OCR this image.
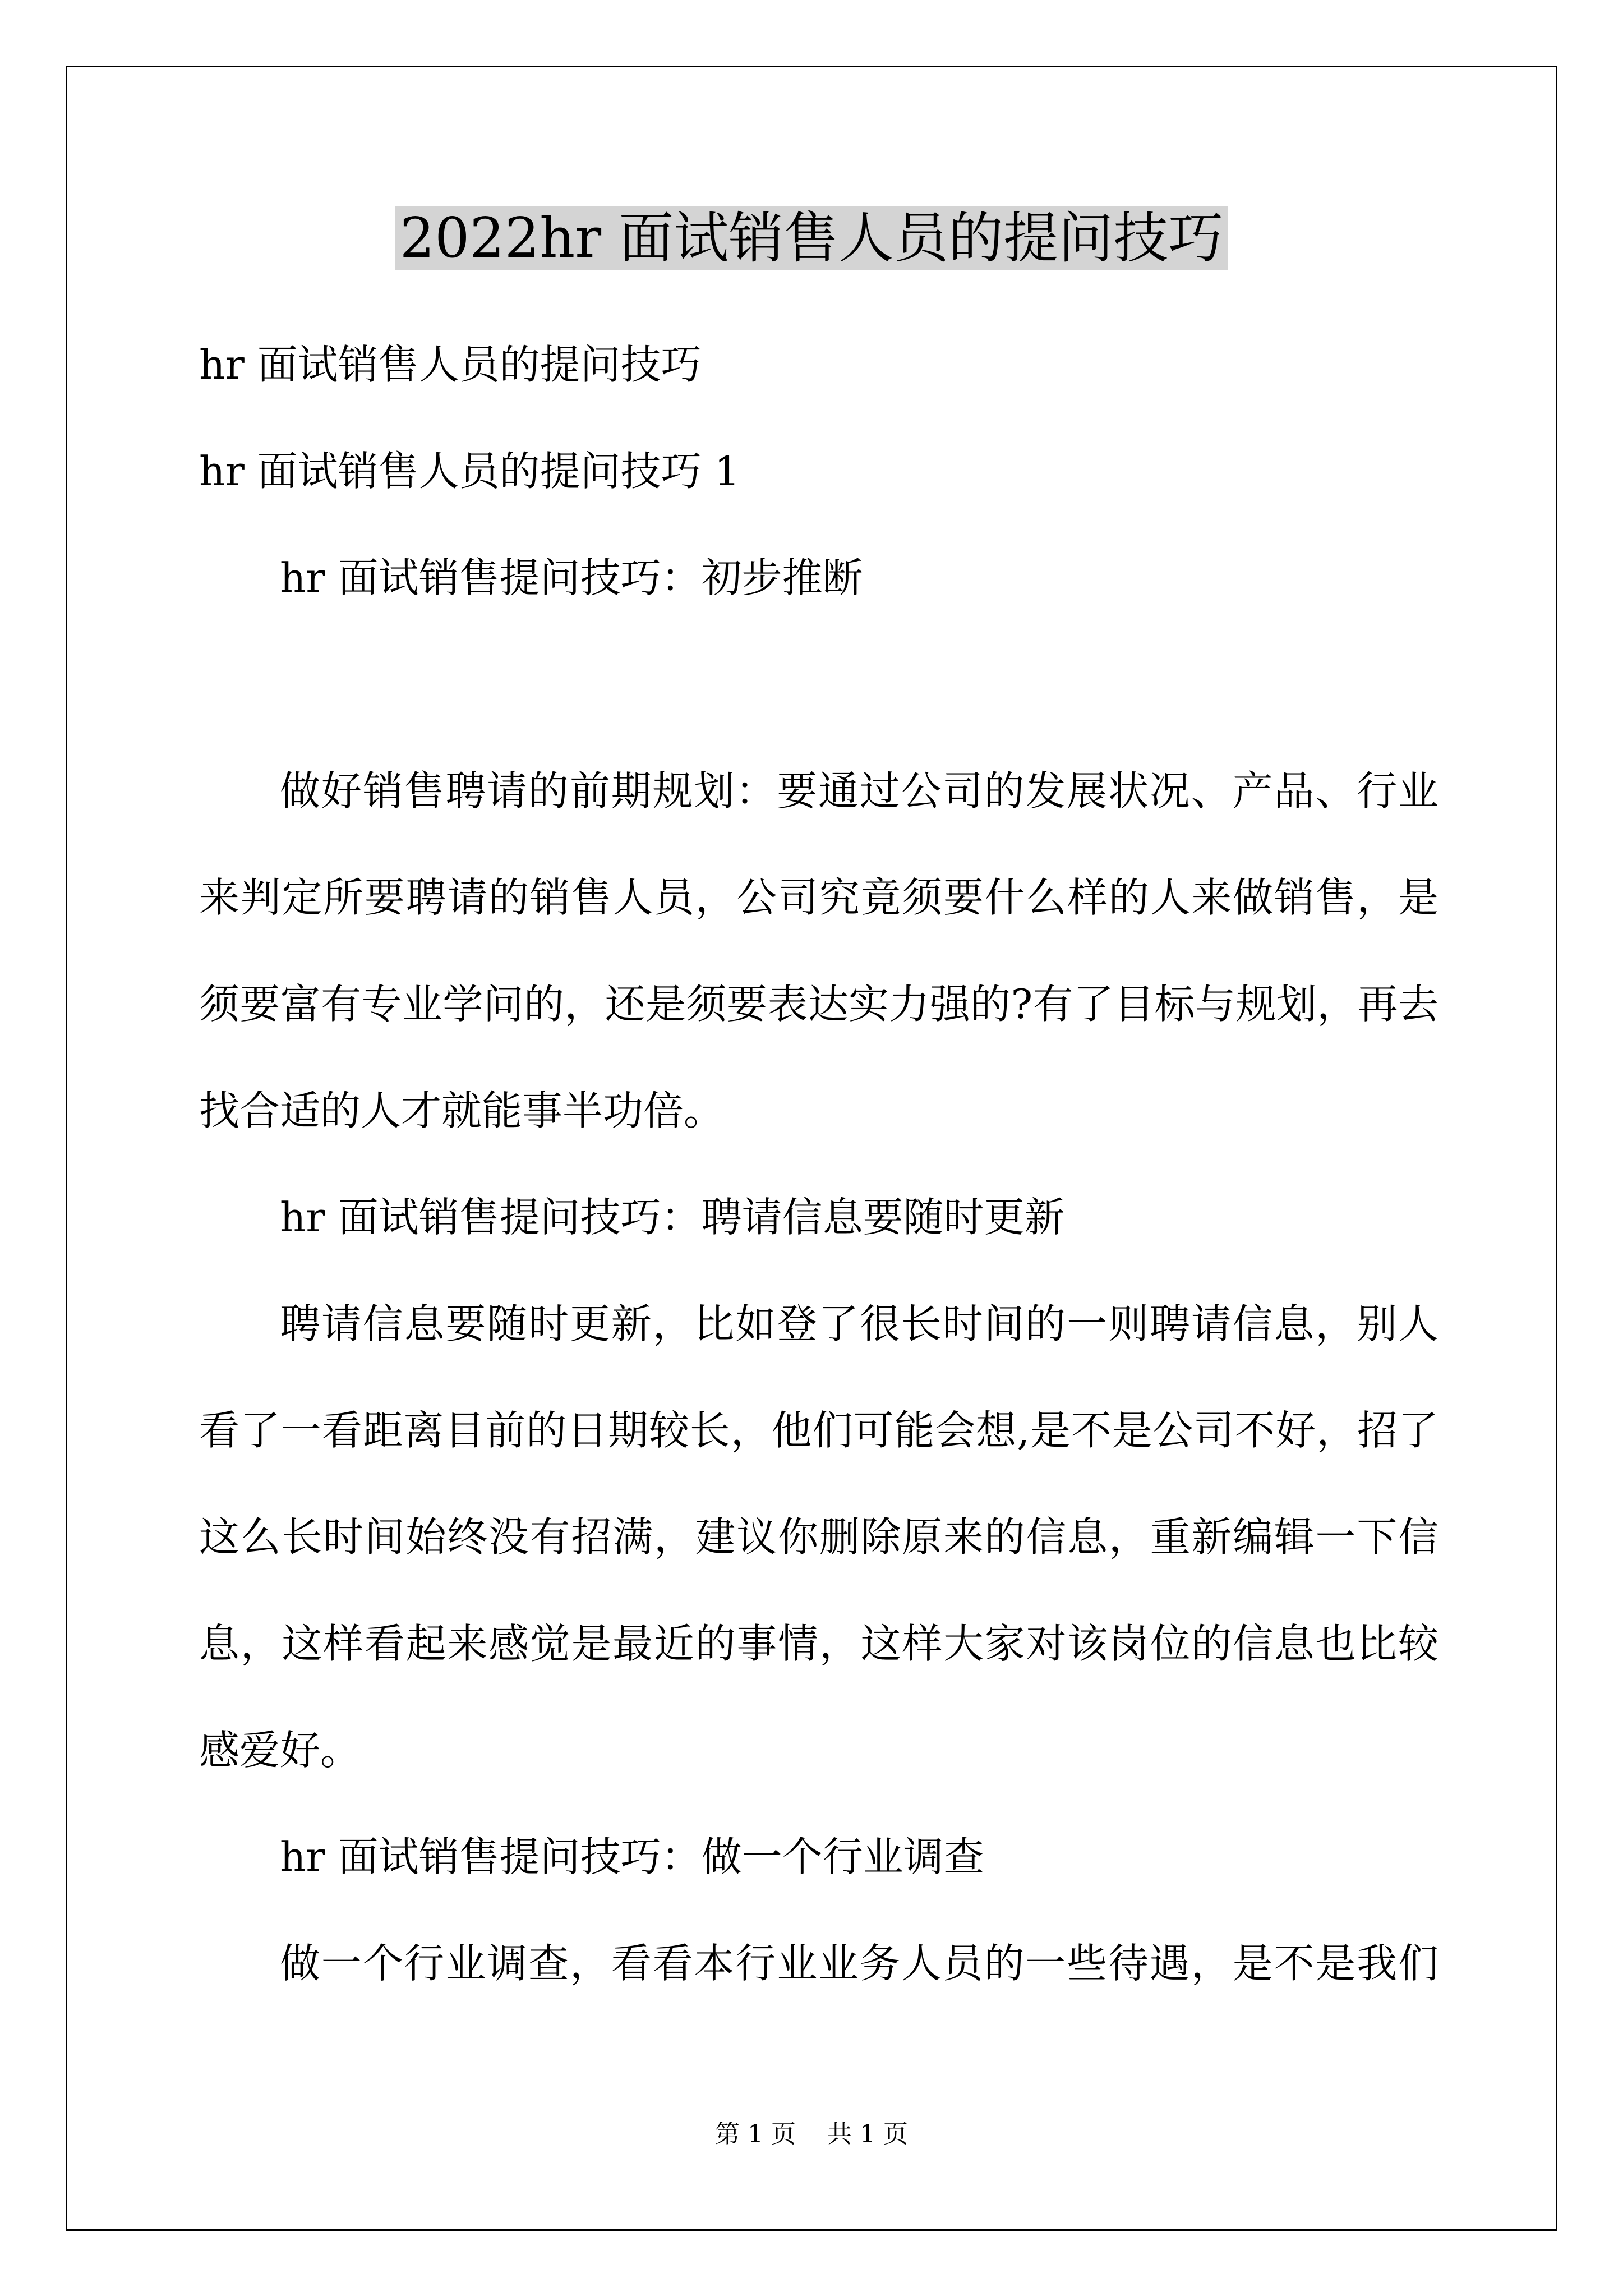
2022hr 面试销售人员的提问技巧
hr 面试销售人员的提问技巧
hr 面试销售人员的提问技巧 1
hr 面试销售提问技巧：初步推断
做好销售聘请的前期规划：要通过公司的发展状况、产品、行业
来判定所要聘请的销售人员，公司究竟须要什么样的人来做销售，是
须要富有专业学问的，还是须要表达实力强的?有了目标与规划，再去
找合适的人才就能事半功倍。
hr 面试销售提问技巧：聘请信息要随时更新
聘请信息要随时更新，比如登了很长时间的一则聘请信息，别人
看了一看距离目前的日期较长，他们可能会想,是不是公司不好，招了
这么长时间始终没有招满，建议你删除原来的信息，重新编辑一下信
息，这样看起来感觉是最近的事情，这样大家对该岗位的信息也比较
感爱好。
hr 面试销售提问技巧：做一个行业调查
做一个行业调查，看看本行业业务人员的一些待遇，是不是我们
第 1 页 共 1 页
